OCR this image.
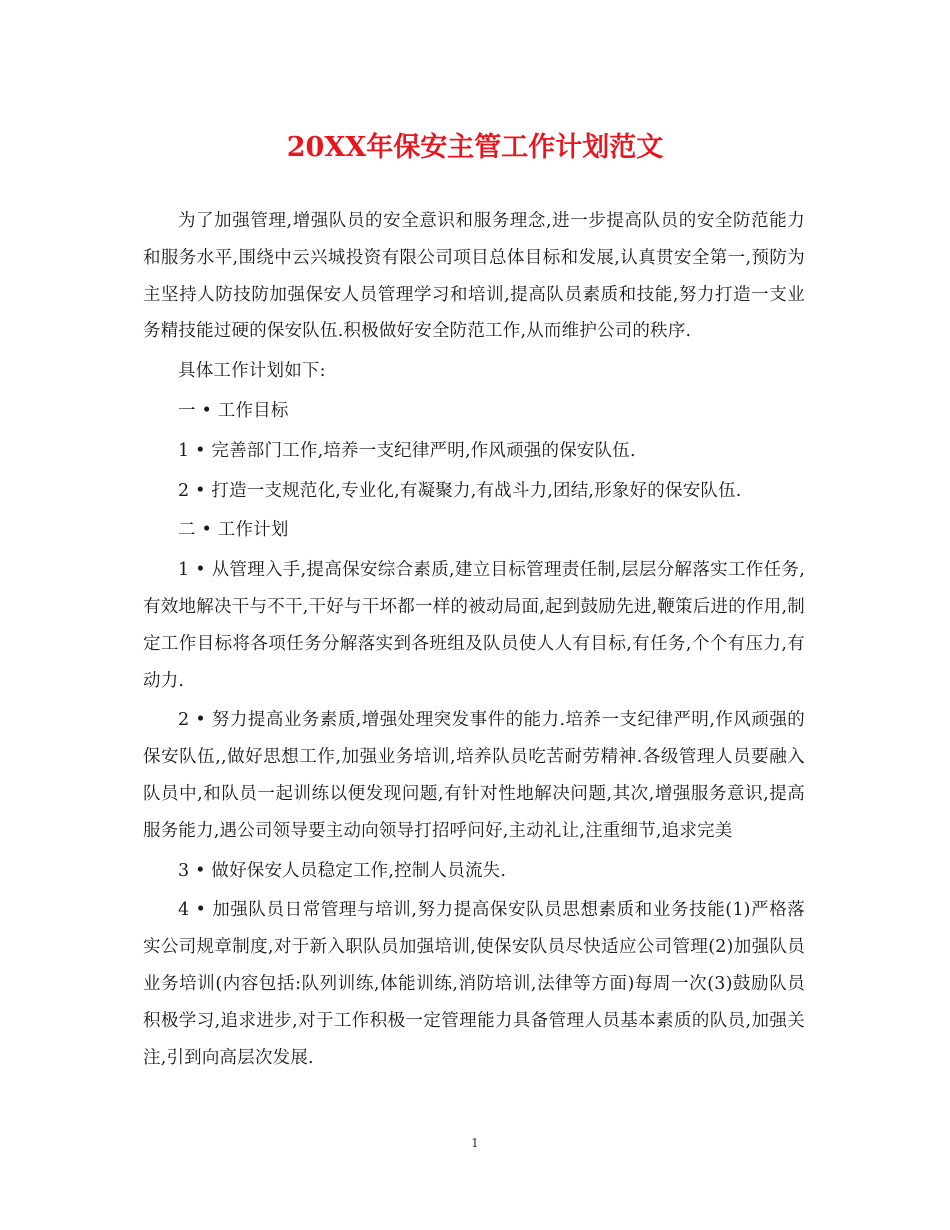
20XX年保安主管工作计划范文

为了加强管理,增强队员的安全意识和服务理念,进一步提高队员的安全防范能力和服务水平,围绕中云兴城投资有限公司项目总体目标和发展,认真贯安全第一,预防为主坚持人防技防加强保安人员管理学习和培训,提高队员素质和技能,努力打造一支业务精技能过硬的保安队伍.积极做好安全防范工作,从而维护公司的秩序.

具体工作计划如下:

一 • 工作目标

1 • 完善部门工作,培养一支纪律严明,作风顽强的保安队伍.

2 • 打造一支规范化,专业化,有凝聚力,有战斗力,团结,形象好的保安队伍.

二 • 工作计划

1 • 从管理入手,提高保安综合素质,建立目标管理责任制,层层分解落实工作任务,有效地解决干与不干,干好与干坏都一样的被动局面,起到鼓励先进,鞭策后进的作用,制定工作目标将各项任务分解落实到各班组及队员使人人有目标,有任务,个个有压力,有动力.

2 • 努力提高业务素质,增强处理突发事件的能力.培养一支纪律严明,作风顽强的保安队伍,,做好思想工作,加强业务培训,培养队员吃苦耐劳精神.各级管理人员要融入队员中,和队员一起训练以便发现问题,有针对性地解决问题,其次,增强服务意识,提高服务能力,遇公司领导要主动向领导打招呼问好,主动礼让,注重细节,追求完美

3 • 做好保安人员稳定工作,控制人员流失.

4 • 加强队员日常管理与培训,努力提高保安队员思想素质和业务技能(1)严格落实公司规章制度,对于新入职队员加强培训,使保安队员尽快适应公司管理(2)加强队员业务培训(内容包括:队列训练,体能训练,消防培训,法律等方面)每周一次(3)鼓励队员积极学习,追求进步,对于工作积极一定管理能力具备管理人员基本素质的队员,加强关注,引到向高层次发展.

1
